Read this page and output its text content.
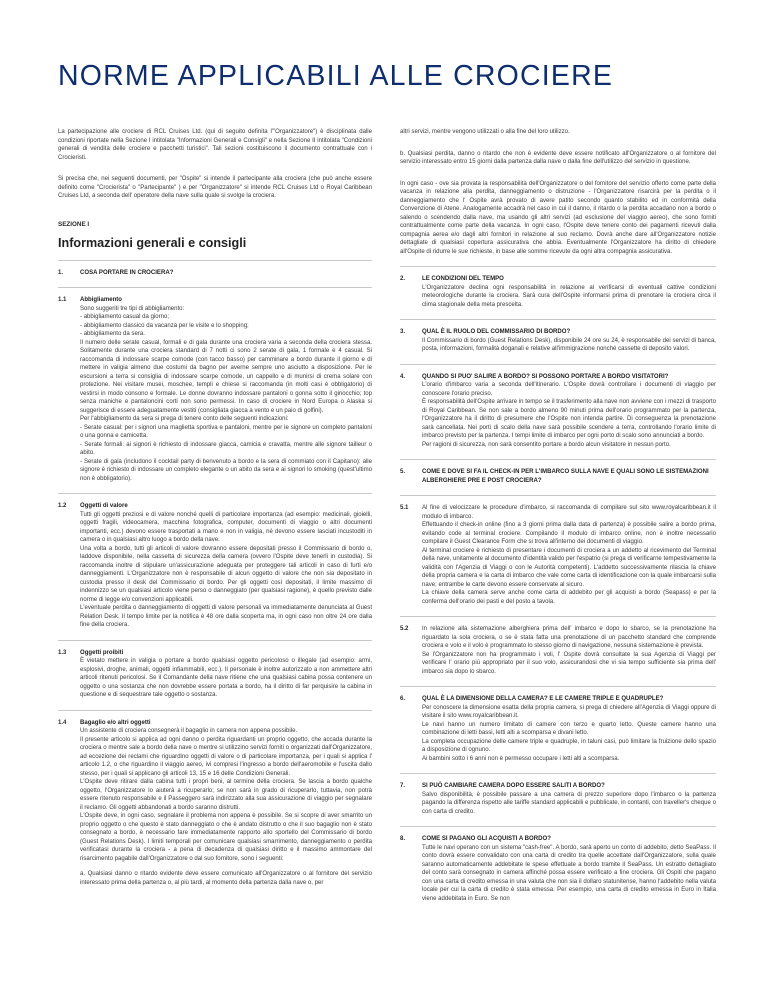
NORME APPLICABILI ALLE CROCIERE

La partecipazione alle crociere di RCL Cruises Ltd. (qui di seguito definita l'"Organizzatore") è disciplinata dalle condizioni riportate nella Sezione I intitolata "Informazioni Generali e Consigli" e nella Sezione II intitolata "Condizioni generali di vendita delle crociere e pacchetti turistici". Tali sezioni costituiscono il documento contrattuale con i Crocieristi.

Si precisa che, nei seguenti documenti, per "Ospite" si intende il partecipante alla crociera (che può anche essere definito come "Crocierista" o "Partecipante" ) e per "Organizzatore" si intende RCL Cruises Ltd o Royal Caribbean Cruises Ltd, a seconda dell' operatore della nave sulla quale si svolge la crociera.

SEZIONE I
Informazioni generali e consigli
1.	COSA PORTARE IN CROCIERA?
1.1	Abbigliamento

Sono suggeriti tre tipi di abbigliamento:

- abbigliamento casual da giorno;

- abbigliamento classico da vacanza per le visite e lo shopping;

- abbigliamento da sera.

Il numero delle serate casual, formali e di gala durante una crociera varia a seconda della crociera stessa. Solitamente durante una crociera standard di 7 notti ci sono 2 serate di gala, 1 formale e 4 casual. Si raccomanda di indossare scarpe comode (con tacco basso) per camminare a bordo durante il giorno e di mettere in valigia almeno due costumi da bagno per averne sempre uno asciutto a disposizione. Per le escursioni a terra si consiglia di indossare scarpe comode, un cappello e di munirsi di crema solare con protezione. Nei visitare musei, moschee, templi e chiese si raccomanda (in molti casi è obbligatorio) di vestirsi in modo consono e formale. Le donne dovranno indossare pantaloni o gonna sotto il ginocchio; top senza maniche e pantaloncini corti non sono permessi. In caso di crociere in Nord Europa o Alaska si suggerisce di essere adeguatamente vestiti (consigliata giacca a vento e un paio di golfini).

Per l'abbigliamento da sera si prega di tenere conto delle seguenti indicazioni:

- Serate casual: per i signori una maglietta sportiva e pantaloni, mentre per le signore un completo pantaloni o una gonna e camicetta.

- Serate formali: ai signori è richiesto di indossare giacca, camicia e cravatta, mentre alle signore tailleur o abito.

- Serate di gala (includono il cocktail party di benvenuto a bordo e la sera di commiato con il Capitano): alle signore è richiesto di indossare un completo elegante o un abito da sera e ai signori lo smoking (quest'ultimo non è obbligatorio).

1.2	Oggetti di valore

Tutti gli oggetti preziosi e di valore nonché quelli di particolare importanza (ad esempio: medicinali, gioielli, oggetti fragili, videocamera, macchina fotografica, computer, documenti di viaggio o altri documenti importanti, ecc.) devono essere trasportati a mano e non in valigia, né devono essere lasciati incustoditi in camera o in qualsiasi altro luogo a bordo della nave.

Una volta a bordo, tutti gli articoli di valore dovranno essere depositati presso il Commissario di bordo o, laddove disponibile, nella cassetta di sicurezza della camera (ovvero l'Ospite deve tenerli in custodia). Si raccomanda inoltre di stipulare un'assicurazione adeguata per proteggere tali articoli in caso di furti e/o danneggiamenti. L'Organizzatore non è responsabile di alcun oggetto di valore che non sia depositato in custodia presso il desk del Commissario di bordo. Per gli oggetti così depositati, il limite massimo di indennizzo se un qualsiasi articolo viene perso o danneggiato (per qualsiasi ragione), è quello previsto dalle norme di legge e/o convenzioni applicabili.

L'eventuale perdita o danneggiamento di oggetti di valore personali va immediatamente denunciata al Guest Relation Desk. Il tempo limite per la notifica è 48 ore dalla scoperta ma, in ogni caso non oltre 24 ore dalla fine della crociera.

1.3	Oggetti proibiti

È vietato mettere in valigia o portare a bordo qualsiasi oggetto pericoloso o illegale (ad esempio: armi, esplosivi, droghe, animali, oggetti infiammabili, ecc.). Il personale è inoltre autorizzato a non ammettere altri articoli ritenuti pericolosi. Se il Comandante della nave ritiene che una qualsiasi cabina possa contenere un oggetto o una sostanza che non dovrebbe essere portata a bordo, ha il diritto di far perquisire la cabina in questione e di sequestrare tale oggetto o sostanza.

1.4	Bagaglio e/o altri oggetti

Un assistente di crociera consegnerà il bagaglio in camera non appena possibile.

Il presente articolo si applica ad ogni danno o perdita riguardanti un proprio oggetto, che accada durante la crociera o mentre sale a bordo della nave o mentre si utilizzino servizi forniti o organizzati dall'Organizzatore, ad eccezione dei reclami che riguardino oggetti di valore o di particolare importanza, per i quali si applica l' articolo 1.2, o che riguardino il viaggio aereo, ivi compresi l'ingresso a bordo dell'aeromobile e l'uscita dallo stesso, per i quali si applicano gli articoli 13, 15 e 16 delle Condizioni Generali.

L'Ospite deve ritirare dalla cabina tutti i propri beni, al termine della crociera. Se lascia a bordo qualche oggetto, l'Organizzatore lo aiuterà a ricuperarlo; se non sarà in grado di ricuperarlo, tuttavia, non potrà essere ritenuto responsabile e il Passeggero sarà indirizzato alla sua assicurazione di viaggio per segnalare il reclamo. Gli oggetti abbandonati a bordo saranno distrutti.

L'Ospite deve, in ogni caso, segnalare il problema non appena è possibile. Se si scopre di aver smarrito un proprio oggetto o che questo è stato danneggiato o che è andato distrutto o che il suo bagaglio non è stato consegnato a bordo, è necessario fare immediatamente rapporto allo sportello del Commissario di bordo (Guest Relations Desk). I limiti temporali per comunicare qualsiasi smarrimento, danneggiamento o perdita verificatasi durante la crociera - a pena di decadenza di qualsiasi diritto e il massimo ammontare del risarcimento pagabile dall'Organizzatore o dal suo fornitore, sono i seguenti:

a. Qualsiasi danno o ritardo evidente deve essere comunicato all'Organizzatore o al fornitore del servizio interessato prima della partenza o, al più tardi, al momento della partenza dalla nave o, per

altri servizi, mentre vengono utilizzati o alla fine del loro utilizzo.

b. Qualsiasi perdita, danno o ritardo che non è evidente deve essere notificato all'Organizzatore o al fornitore del servizio interessato entro 15 giorni dalla partenza dalla nave o dalla fine dell'utilizzo del servizio in questione.

In ogni caso - ove sia provata la responsabilità dell'Organizzatore o del fornitore del servizio offerto come parte della vacanza in relazione alla perdita, danneggiamento o distruzione - l'Organizzatore risarcirà per la perdita o il danneggiamento che l' Ospite avrà provato di avere patito secondo quanto stabilito ed in conformità della Convenzione di Atene. Analogamente accadrà nel caso in cui il danno, il ritardo o la perdita accadano non a bordo o salendo o scendendo dalla nave, ma usando gli altri servizi (ad esclusione del viaggio aereo), che sono forniti contrattualmente come parte della vacanza. In ogni caso, l'Ospite deve tenere conto dei pagamenti ricevuti dalla compagnia aerea e/o dagli altri fornitori in relazione al suo reclamo. Dovrà anche dare all'Organizzatore notizie dettagliate di qualsiasi copertura assicurativa che abbia. Eventualmente l'Organizzatore ha diritto di chiedere all'Ospite di ridurre le sue richieste, in base alle somme ricevute da ogni altra compagnia assicurativa.

2.	LE CONDIZIONI DEL TEMPO

L'Organizzatore declina ogni responsabilità in relazione al verificarsi di eventuali cattive condizioni meteorologiche durante la crociera. Sarà cura dell'Ospite informarsi prima di prenotare la crociera circa il clima stagionale della meta prescelta.

3.	QUAL È IL RUOLO DEL COMMISSARIO DI BORDO?

Il Commissario di bordo (Guest Relations Desk), disponibile 24 ore su 24, è responsabile dei servizi di banca, posta, informazioni, formalità doganali e relative all'immigrazione nonché cassette di deposito valori.

4.	QUANDO SI PUO' SALIRE A BORDO? SI POSSONO PORTARE A BORDO VISITATORI?

L'orario d'imbarco varia a seconda dell'itinerario. L'Ospite dovrà controllare i documenti di viaggio per conoscere l'orario preciso.
È responsabilità dell'Ospite arrivare in tempo se il trasferimento alla nave non avviene con i mezzi di trasporto di Royal Caribbean. Se non sale a bordo almeno 90 minuti prima dell'orario programmato per la partenza, l'Organizzatore ha il diritto di presumere che l'Ospite non intenda partire. Di conseguenza la prenotazione sarà cancellata. Nei porti di scalo della nave sarà possibile scendere a terra, controllando l'orario limite di imbarco previsto per la partenza. I tempi limite di imbarco per ogni porto di scalo sono annunciati a bordo.
Per ragioni di sicurezza, non sarà consentito portare a bordo alcun visitatore in nessun porto.

5.	COME E DOVE SI FA IL CHECK-IN PER L'IMBARCO SULLA NAVE E QUALI SONO LE SISTEMAZIONI ALBERGHIERE PRE E POST CROCIERA?
5.1	Al fine di velocizzare le procedure d'imbarco, si raccomanda di compilare sul sito www.royalcaribbean.it il modulo di imbarco.
Effettuando il check-in online (fino a 3 giorni prima dalla data di partenza) è possibile salire a bordo prima, evitando code al terminal crociere. Compilando il modulo di imbarco online, non è inoltre necessario compilare il Guest Clearance Form che si trova all'interno dei documenti di viaggio.
Al terminal crociere è richiesto di presentare i documenti di crociera a un addetto al ricevimento del Terminal della nave, unitamente al documento d'identità valido per l'espatrio (si prega di verificarne tempestivamente la validità con l'Agenzia di Viaggi o con le Autorità competenti). L'addetto successivamente rilascia la chiave della propria camera e la carta di imbarco che vale come carta di identificazione con la quale imbarcarsi sulla nave; entrambe le carte devono essere conservate al sicuro.
La chiave della camera serve anche come carta di addebito per gli acquisti a bordo (Seapass) e per la conferma dell'orario dei pasti e del posto a tavola.

5.2	In relazione alla sistemazione alberghiera prima dell' imbarco e dopo lo sbarco, se la prenotazione ha riguardato la sola crociera, o se è stata fatta una prenotazione di un pacchetto standard che comprende crociera e volo e il volo è programmato lo stesso giorno di navigazione, nessuna sistemazione è prevista.
Se l'Organizzatore non ha programmato i voli, l' Ospite dovrà consultate la sua Agenzia di Viaggi per verificare l' orario più appropriato per il suo volo, assicurandosi che vi sia tempo sufficiente sia prima dell' imbarco sia dopo lo sbarco.

6.	QUAL È LA DIMENSIONE DELLA CAMERA? E LE CAMERE TRIPLE E QUADRUPLE?

Per conoscere la dimensione esatta della propria camera, si prega di chiedere all'Agenzia di Viaggi oppure di visitare il sito www.royalcaribbean.it.
Le navi hanno un numero limitato di camere con terzo e quarto letto. Queste camere hanno una combinazione di letti bassi, letti alti a scomparsa e divani letto.
La completa occupazione delle camere triple e quadruple, in taluni casi, può limitare la fruizione dello spazio a disposizione di ognuno.
Ai bambini sotto i 6 anni non è permesso occupare i letti alti a scomparsa.

7.	SI PUÒ CAMBIARE CAMERA DOPO ESSERE SALITI A BORDO?

Salvo disponibilità, è possibile passare a una camera di prezzo superiore dopo l'imbarco o la partenza pagando la differenza rispetto alle tariffe standard applicabili e pubblicate, in contanti, con traveller's cheque o con carta di credito.

8.	COME SI PAGANO GLI ACQUISTI A BORDO?

Tutte le navi operano con un sistema "cash-free". A bordo, sarà aperto un conto di addebito, detto SeaPass. Il conto dovrà essere convalidato con una carta di credito tra quelle accettate dall'Organizzatore, sulla quale saranno automaticamente addebitate le spese effettuate a bordo tramite il SeaPass. Un estratto dettagliato del conto sarà consegnato in camera affinché possa essere verificato a fine crociera. Gli Ospiti che pagano con una carta di credito emessa in una valuta che non sia il dollaro statunitense, hanno l'addebito nella valuta locale per cui la carta di credito è stata emessa. Per esempio, una carta di credito emessa in Euro in Italia viene addebitata in Euro. Se non
